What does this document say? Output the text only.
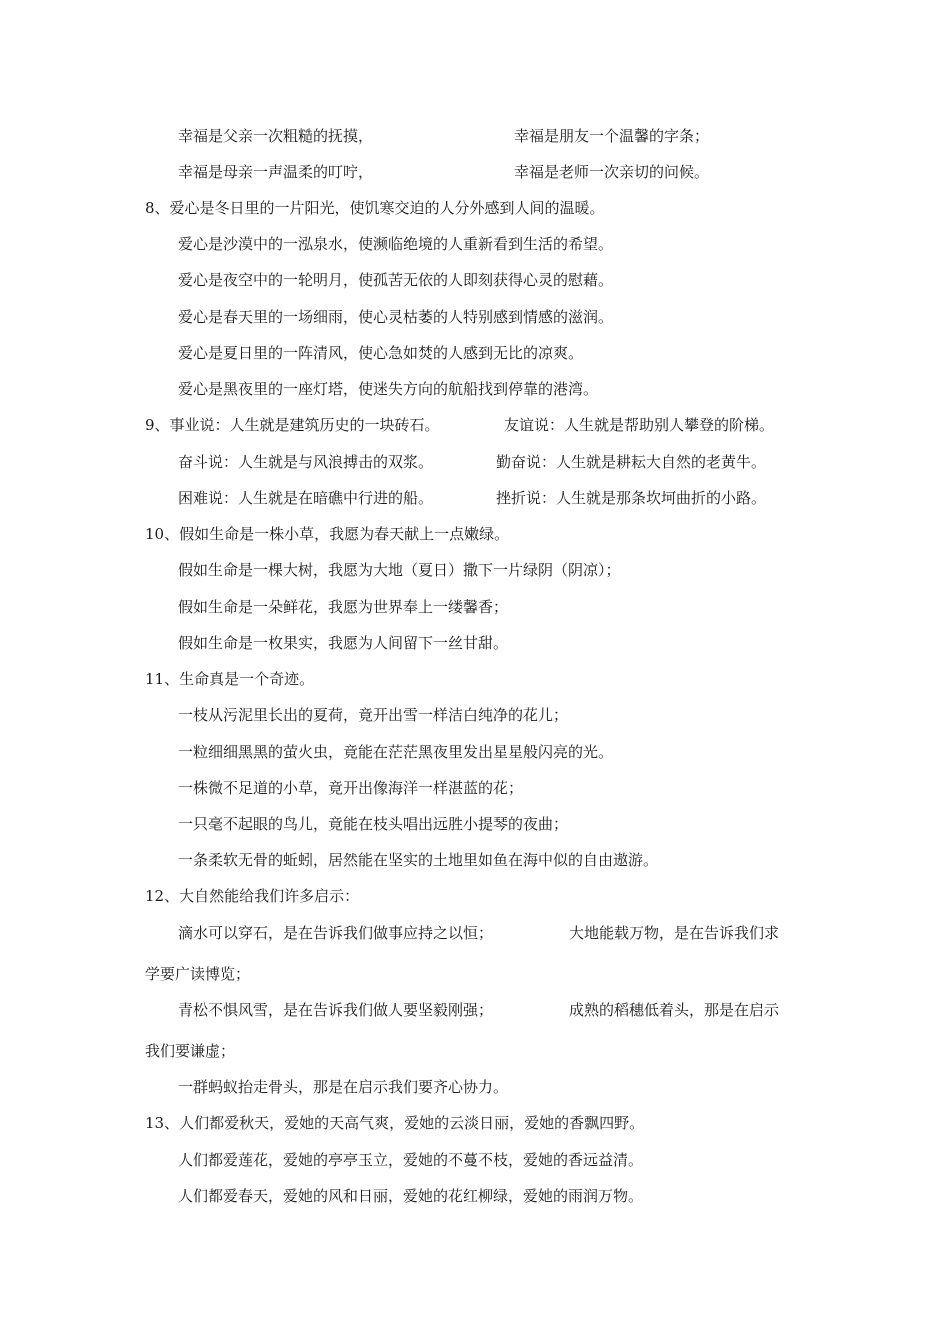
幸福是父亲一次粗糙的抚摸，	幸福是朋友一个温馨的字条；
幸福是母亲一声温柔的叮咛，	幸福是老师一次亲切的问候。
8、爱心是冬日里的一片阳光，使饥寒交迫的人分外感到人间的温暖。
爱心是沙漠中的一泓泉水，使濒临绝境的人重新看到生活的希望。
爱心是夜空中的一轮明月，使孤苦无依的人即刻获得心灵的慰藉。
爱心是春天里的一场细雨，使心灵枯萎的人特别感到情感的滋润。
爱心是夏日里的一阵清风，使心急如焚的人感到无比的凉爽。
爱心是黑夜里的一座灯塔，使迷失方向的航船找到停靠的港湾。
9、事业说：人生就是建筑历史的一块砖石。	友谊说：人生就是帮助别人攀登的阶梯。
奋斗说：人生就是与风浪搏击的双浆。	勤奋说：人生就是耕耘大自然的老黄牛。
困难说：人生就是在暗礁中行进的船。	挫折说：人生就是那条坎坷曲折的小路。
10、假如生命是一株小草，我愿为春天献上一点嫩绿。
假如生命是一棵大树，我愿为大地（夏日）撒下一片绿阴（阴凉）；
假如生命是一朵鲜花，我愿为世界奉上一缕馨香；
假如生命是一枚果实，我愿为人间留下一丝甘甜。
11、生命真是一个奇迹。
一枝从污泥里长出的夏荷，竟开出雪一样洁白纯净的花儿；
一粒细细黑黑的萤火虫，竟能在茫茫黑夜里发出星星般闪亮的光。
一株微不足道的小草，竟开出像海洋一样湛蓝的花；
一只毫不起眼的鸟儿，竟能在枝头唱出远胜小提琴的夜曲；
一条柔软无骨的蚯蚓，居然能在坚实的土地里如鱼在海中似的自由遨游。
12、大自然能给我们许多启示：
滴水可以穿石，是在告诉我们做事应持之以恒；	大地能载万物，是在告诉我们求
学要广读博览；
青松不惧风雪，是在告诉我们做人要坚毅刚强；	成熟的稻穗低着头，那是在启示
我们要谦虚；
一群蚂蚁抬走骨头，那是在启示我们要齐心协力。
13、人们都爱秋天，爱她的天高气爽，爱她的云淡日丽，爱她的香飘四野。
人们都爱莲花，爱她的亭亭玉立，爱她的不蔓不枝，爱她的香远益清。
人们都爱春天，爱她的风和日丽，爱她的花红柳绿，爱她的雨润万物。
